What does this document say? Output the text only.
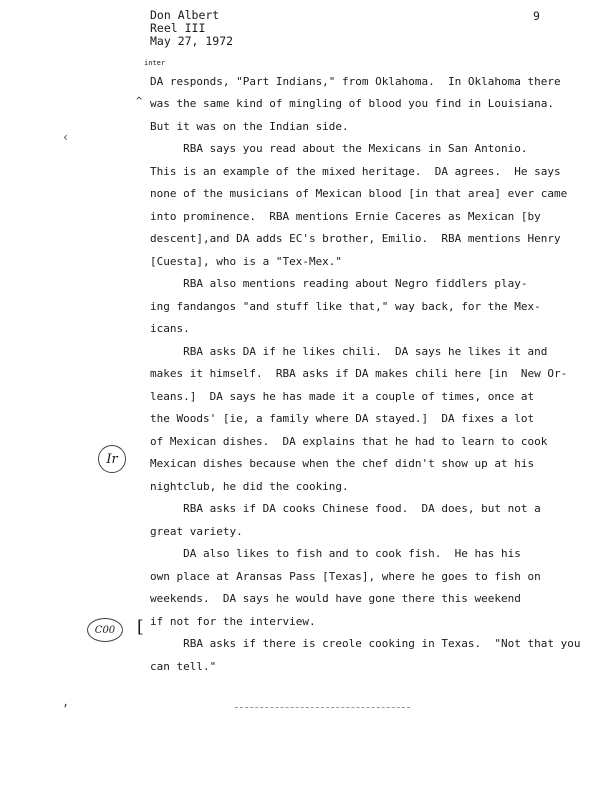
Don Albert
Reel III
May 27, 1972
9
inter
^
‹
DA responds, "Part Indians," from Oklahoma.  In Oklahoma there
was the same kind of mingling of blood you find in Louisiana.
But it was on the Indian side.
RBA says you read about the Mexicans in San Antonio.
This is an example of the mixed heritage.  DA agrees.  He says
none of the musicians of Mexican blood [in that area] ever came
into prominence.  RBA mentions Ernie Caceres as Mexican [by
descent],and DA adds EC's brother, Emilio.  RBA mentions Henry
[Cuesta], who is a "Tex-Mex."
RBA also mentions reading about Negro fiddlers play-
ing fandangos "and stuff like that," way back, for the Mex-
icans.
RBA asks DA if he likes chili.  DA says he likes it and
makes it himself.  RBA asks if DA makes chili here [in  New Or-
leans.]  DA says he has made it a couple of times, once at
the Woods' [ie, a family where DA stayed.]  DA fixes a lot
of Mexican dishes.  DA explains that he had to learn to cook
Mexican dishes because when the chef didn't show up at his
nightclub, he did the cooking.
RBA asks if DA cooks Chinese food.  DA does, but not a
great variety.
DA also likes to fish and to cook fish.  He has his
own place at Aransas Pass [Texas], where he goes to fish on
weekends.  DA says he would have gone there this weekend
if not for the interview.
RBA asks if there is creole cooking in Texas.  "Not that you
can tell."
Ir
C00	[
,
